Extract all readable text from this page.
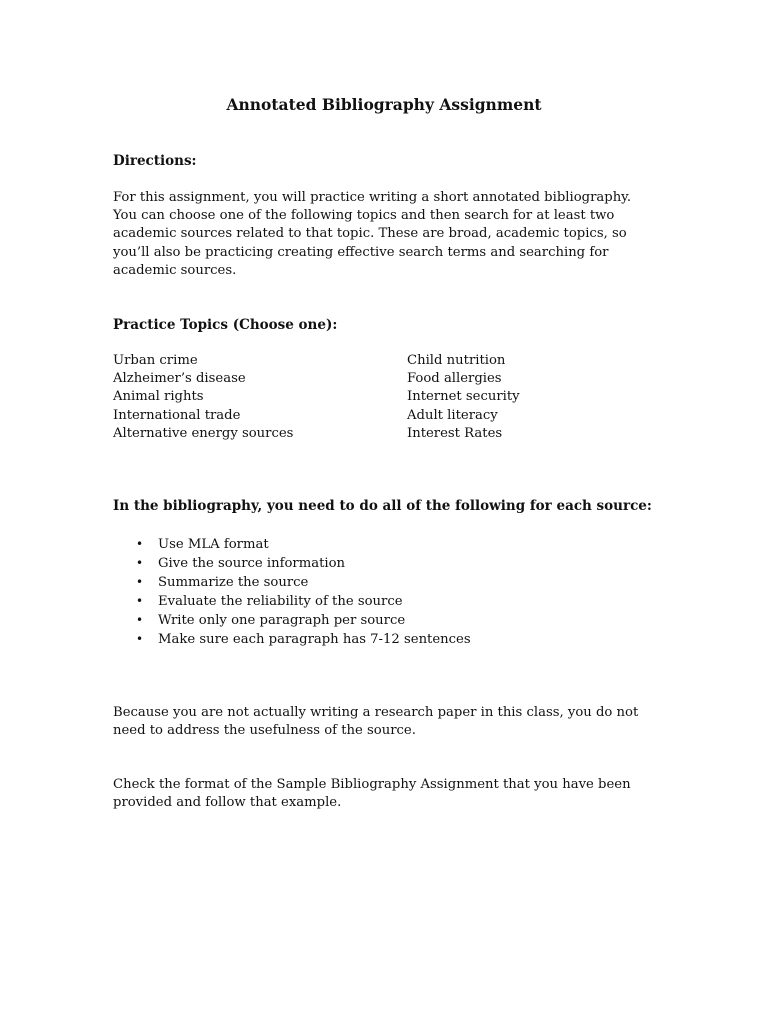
Annotated Bibliography Assignment
Directions:

For this assignment, you will practice writing a short annotated bibliography. You can choose one of the following topics and then search for at least two academic sources related to that topic. These are broad, academic topics, so you’ll also be practicing creating effective search terms and searching for academic sources.

Practice Topics (Choose one):
Urban crime
Alzheimer’s disease
Animal rights
International trade
Alternative energy sources
Child nutrition
Food allergies
Internet security
Adult literacy
Interest Rates
In the bibliography, you need to do all of the following for each source:
• Use MLA format
• Give the source information
• Summarize the source
• Evaluate the reliability of the source
• Write only one paragraph per source
• Make sure each paragraph has 7-12 sentences

Because you are not actually writing a research paper in this class, you do not need to address the usefulness of the source.

Check the format of the Sample Bibliography Assignment that you have been provided and follow that example.
